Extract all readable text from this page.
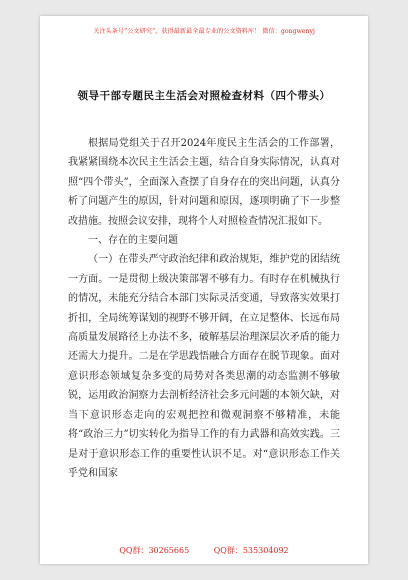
关注头条号“公文研究”，获得最新最全最专业的公文资料库！ 微信：gongwenyj
领导干部专题民主生活会对照检查材料（四个带头）

根据局党组关于召开2024年度民主生活会的工作部署，我紧紧围绕本次民主生活会主题，结合自身实际情况，认真对照“四个带头”，全面深入查摆了自身存在的突出问题，认真分析了问题产生的原因，针对问题和原因，逐项明确了下一步整改措施。按照会议安排，现将个人对照检查情况汇报如下。

一、存在的主要问题

（一）在带头严守政治纪律和政治规矩，维护党的团结统一方面。一是贯彻上级决策部署不够有力。有时存在机械执行的情况，未能充分结合本部门实际灵活变通，导致落实效果打折扣，全局统筹谋划的视野不够开阔，在立足整体、长远布局高质量发展路径上办法不多，破解基层治理深层次矛盾的能力还需大力提升。二是在学思践悟融合方面存在脱节现象。面对意识形态领域复杂多变的局势对各类思潮的动态监测不够敏锐，运用政治洞察力去剖析经济社会多元问题的本领欠缺，对当下意识形态走向的宏观把控和微观洞察不够精准，未能将“政治三力”切实转化为指导工作的有力武器和高效实践。三是对于意识形态工作的重要性认识不足。对“意识形态工作关乎党和国家

QQ群：30265665	QQ群：535304092
